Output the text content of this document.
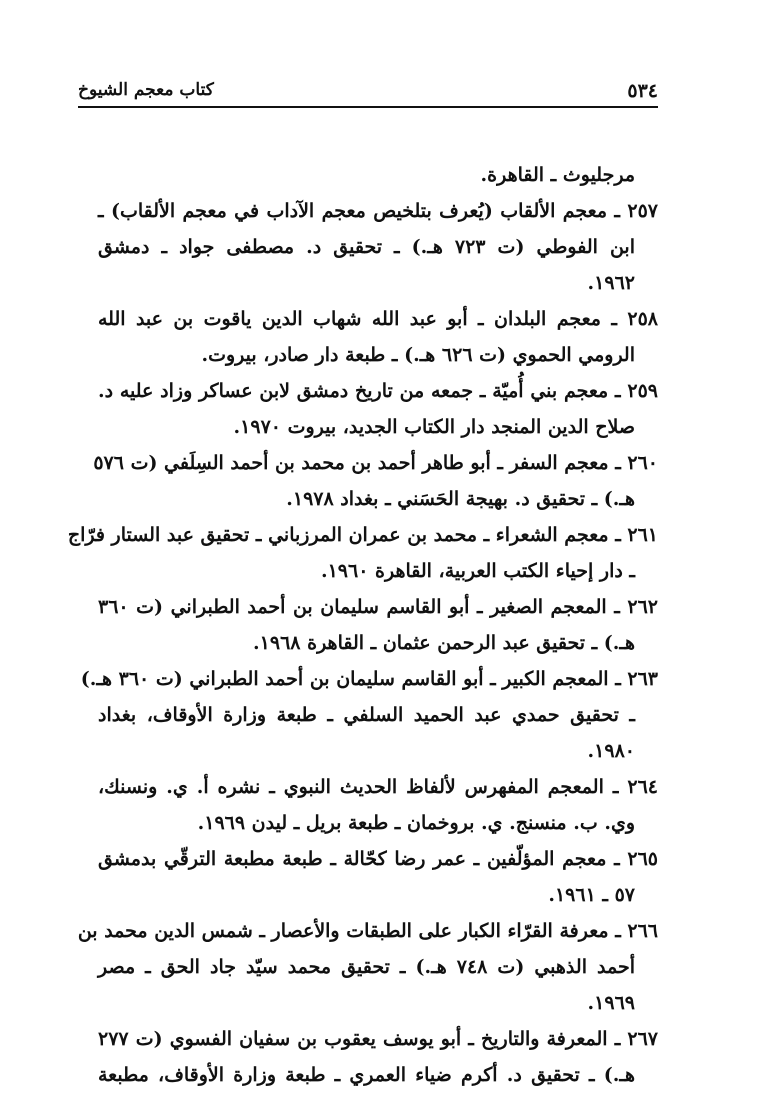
٥٣٤
كتاب معجم الشيوخ
مرجليوث ـ القاهرة.
٢٥٧ ـ معجم الألقاب (يُعرف بتلخيص معجم الآداب في معجم الألقاب) ـ
ابن الفوطي (ت ٧٢٣ هـ.) ـ تحقيق د. مصطفى جواد ـ دمشق
١٩٦٢.
٢٥٨ ـ معجم البلدان ـ أبو عبد الله شهاب الدين ياقوت بن عبد الله
الرومي الحموي (ت ٦٢٦ هـ.) ـ طبعة دار صادر، بيروت.
٢٥٩ ـ معجم بني أُميّة ـ جمعه من تاريخ دمشق لابن عساكر وزاد عليه د.
صلاح الدين المنجد دار الكتاب الجديد، بيروت ١٩٧٠.
٢٦٠ ـ معجم السفر ـ أبو طاهر أحمد بن محمد بن أحمد السِلَفي (ت ٥٧٦
هـ.) ـ تحقيق د. بهيجة الحَسَني ـ بغداد ١٩٧٨.
٢٦١ ـ معجم الشعراء ـ محمد بن عمران المرزباني ـ تحقيق عبد الستار فرّاج
ـ دار إحياء الكتب العربية، القاهرة ١٩٦٠.
٢٦٢ ـ المعجم الصغير ـ أبو القاسم سليمان بن أحمد الطبراني (ت ٣٦٠
هـ.) ـ تحقيق عبد الرحمن عثمان ـ القاهرة ١٩٦٨.
٢٦٣ ـ المعجم الكبير ـ أبو القاسم سليمان بن أحمد الطبراني (ت ٣٦٠ هـ.)
ـ تحقيق حمدي عبد الحميد السلفي ـ طبعة وزارة الأوقاف، بغداد
١٩٨٠.
٢٦٤ ـ المعجم المفهرس لألفاظ الحديث النبوي ـ نشره أ. ي. ونسنك،
وي. ب. منسنج. ي. بروخمان ـ طبعة بريل ـ ليدن ١٩٦٩.
٢٦٥ ـ معجم المؤلّفين ـ عمر رضا كحّالة ـ طبعة مطبعة الترقّي بدمشق
٥٧ ـ ١٩٦١.
٢٦٦ ـ معرفة القرّاء الكبار على الطبقات والأعصار ـ شمس الدين محمد بن
أحمد الذهبي (ت ٧٤٨ هـ.) ـ تحقيق محمد سيّد جاد الحق ـ مصر
١٩٦٩.
٢٦٧ ـ المعرفة والتاريخ ـ أبو يوسف يعقوب بن سفيان الفسوي (ت ٢٧٧
هـ.) ـ تحقيق د. أكرم ضياء العمري ـ طبعة وزارة الأوقاف، مطبعة
